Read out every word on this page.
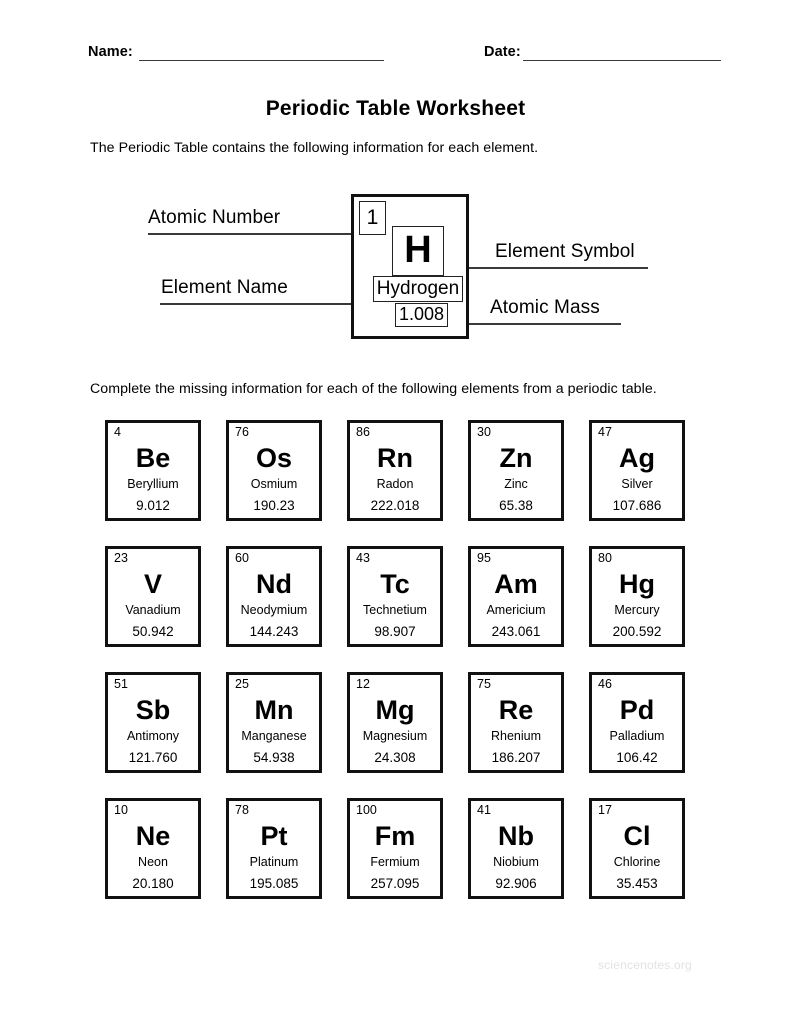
Name:	Date:
Periodic Table Worksheet
The Periodic Table contains the following information for each element.
Atomic Number
Element Name
Element Symbol
Atomic Mass
1
H
Hydrogen
1.008
Complete the missing information for each of the following elements from a periodic table.
4
Be
Beryllium
9.012
76
Os
Osmium
190.23
86
Rn
Radon
222.018
30
Zn
Zinc
65.38
47
Ag
Silver
107.686
23
V
Vanadium
50.942
60
Nd
Neodymium
144.243
43
Tc
Technetium
98.907
95
Am
Americium
243.061
80
Hg
Mercury
200.592
51
Sb
Antimony
121.760
25
Mn
Manganese
54.938
12
Mg
Magnesium
24.308
75
Re
Rhenium
186.207
46
Pd
Palladium
106.42
10
Ne
Neon
20.180
78
Pt
Platinum
195.085
100
Fm
Fermium
257.095
41
Nb
Niobium
92.906
17
Cl
Chlorine
35.453
sciencenotes.org
